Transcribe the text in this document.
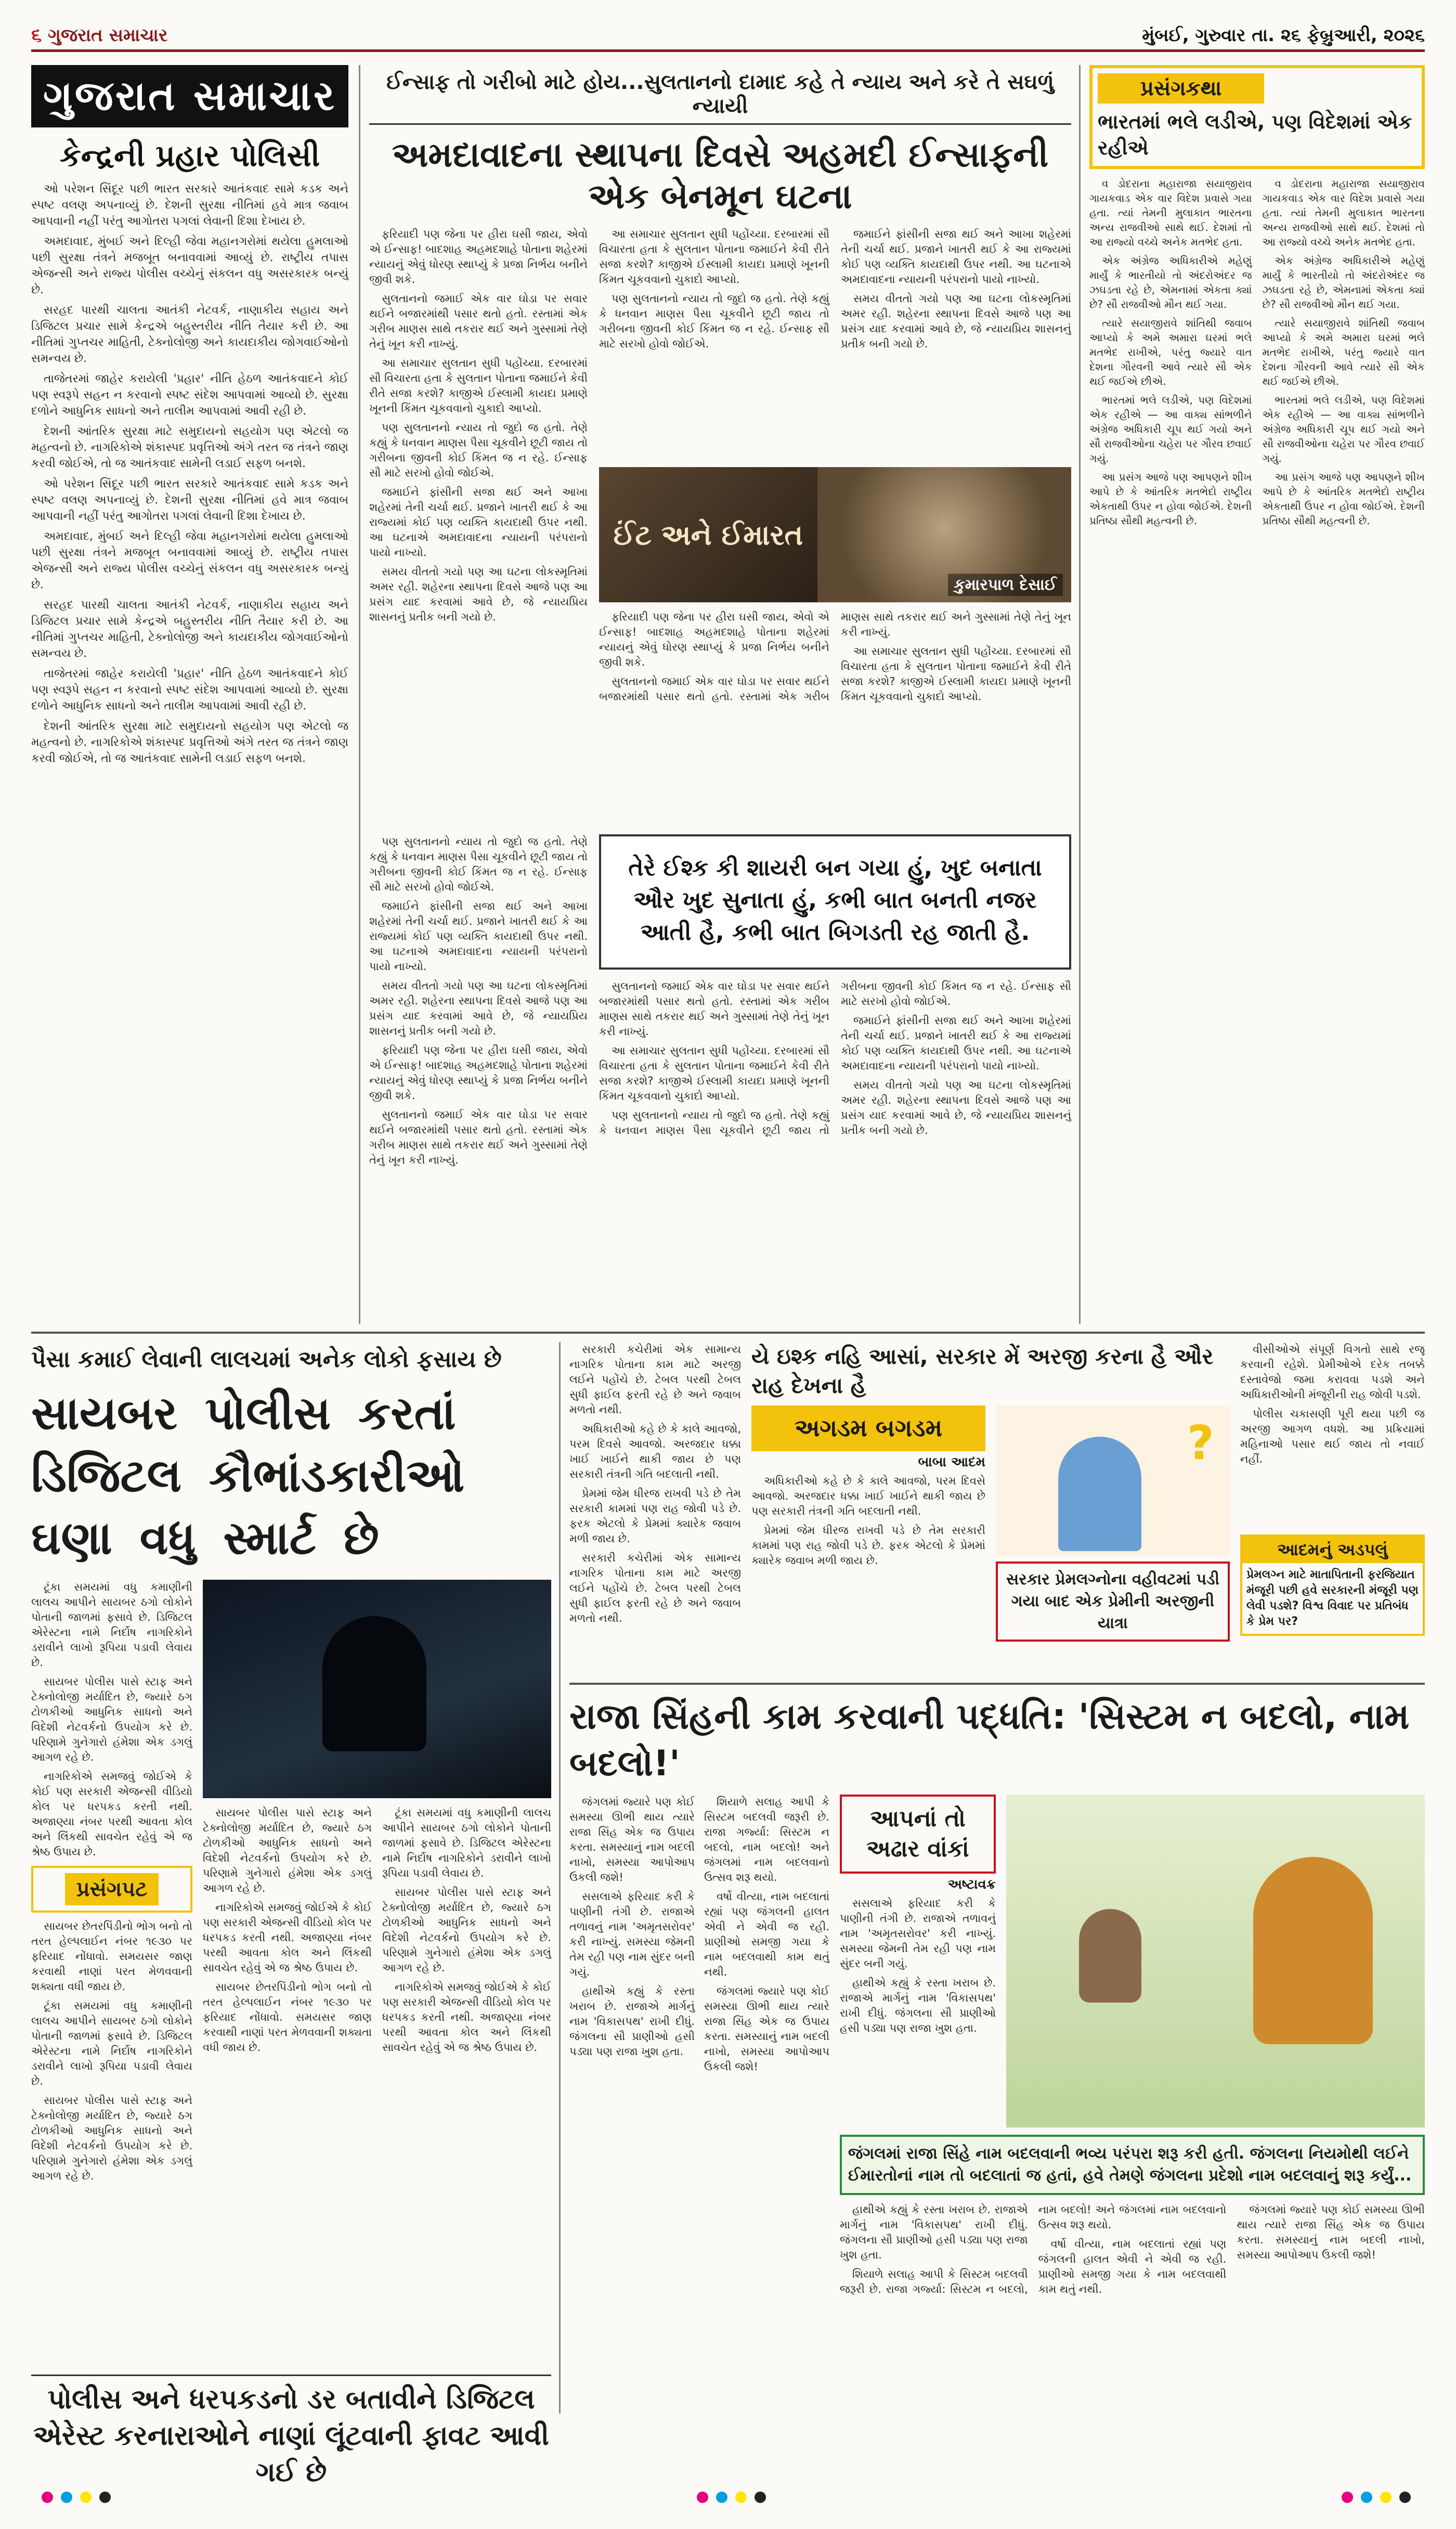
૬ ગુજરાત સમાચાર	મુંબઈ, ગુરુવાર તા. ૨૬ ફેબ્રુઆરી, ૨૦૨૬
ગુજરાત સમાચાર
કેન્દ્રની પ્રહાર પોલિસી

ઓ પરેશન સિંદૂર પછી ભારત સરકારે આતંકવાદ સામે કડક અને સ્પષ્ટ વલણ અપનાવ્યું છે. દેશની સુરક્ષા નીતિમાં હવે માત્ર જવાબ આપવાની નહીં પરંતુ આગોતરા પગલાં લેવાની દિશા દેખાય છે.

અમદાવાદ, મુંબઈ અને દિલ્હી જેવા મહાનગરોમાં થયેલા હુમલાઓ પછી સુરક્ષા તંત્રને મજબૂત બનાવવામાં આવ્યું છે. રાષ્ટ્રીય તપાસ એજન્સી અને રાજ્ય પોલીસ વચ્ચેનું સંકલન વધુ અસરકારક બન્યું છે.

સરહદ પારથી ચાલતા આતંકી નેટવર્ક, નાણાકીય સહાય અને ડિજિટલ પ્રચાર સામે કેન્દ્રએ બહુસ્તરીય નીતિ તૈયાર કરી છે. આ નીતિમાં ગુપ્તચર માહિતી, ટેક્નોલોજી અને કાયદાકીય જોગવાઈઓનો સમન્વય છે.

તાજેતરમાં જાહેર કરાયેલી 'પ્રહાર' નીતિ હેઠળ આતંકવાદને કોઈ પણ સ્વરૂપે સહન ન કરવાનો સ્પષ્ટ સંદેશ આપવામાં આવ્યો છે. સુરક્ષા દળોને આધુનિક સાધનો અને તાલીમ આપવામાં આવી રહી છે.

દેશની આંતરિક સુરક્ષા માટે સમુદાયનો સહયોગ પણ એટલો જ મહત્વનો છે. નાગરિકોએ શંકાસ્પદ પ્રવૃત્તિઓ અંગે તરત જ તંત્રને જાણ કરવી જોઈએ, તો જ આતંકવાદ સામેની લડાઈ સફળ બનશે.

ઓ પરેશન સિંદૂર પછી ભારત સરકારે આતંકવાદ સામે કડક અને સ્પષ્ટ વલણ અપનાવ્યું છે. દેશની સુરક્ષા નીતિમાં હવે માત્ર જવાબ આપવાની નહીં પરંતુ આગોતરા પગલાં લેવાની દિશા દેખાય છે.

અમદાવાદ, મુંબઈ અને દિલ્હી જેવા મહાનગરોમાં થયેલા હુમલાઓ પછી સુરક્ષા તંત્રને મજબૂત બનાવવામાં આવ્યું છે. રાષ્ટ્રીય તપાસ એજન્સી અને રાજ્ય પોલીસ વચ્ચેનું સંકલન વધુ અસરકારક બન્યું છે.

સરહદ પારથી ચાલતા આતંકી નેટવર્ક, નાણાકીય સહાય અને ડિજિટલ પ્રચાર સામે કેન્દ્રએ બહુસ્તરીય નીતિ તૈયાર કરી છે. આ નીતિમાં ગુપ્તચર માહિતી, ટેક્નોલોજી અને કાયદાકીય જોગવાઈઓનો સમન્વય છે.

તાજેતરમાં જાહેર કરાયેલી 'પ્રહાર' નીતિ હેઠળ આતંકવાદને કોઈ પણ સ્વરૂપે સહન ન કરવાનો સ્પષ્ટ સંદેશ આપવામાં આવ્યો છે. સુરક્ષા દળોને આધુનિક સાધનો અને તાલીમ આપવામાં આવી રહી છે.

દેશની આંતરિક સુરક્ષા માટે સમુદાયનો સહયોગ પણ એટલો જ મહત્વનો છે. નાગરિકોએ શંકાસ્પદ પ્રવૃત્તિઓ અંગે તરત જ તંત્રને જાણ કરવી જોઈએ, તો જ આતંકવાદ સામેની લડાઈ સફળ બનશે.

ઈન્સાફ તો ગરીબો માટે હોય...સુલતાનનો દામાદ કહે તે ન્યાય અને કરે તે સઘળું ન્યાયી
અમદાવાદના સ્થાપના દિવસે અહમદી ઈન્સાફની એક બેનમૂન ઘટના

ફરિયાદી પણ જેના પર હીરા ઘસી જાય, એવો એ ઈન્સાફ! બાદશાહ અહમદશાહે પોતાના શહેરમાં ન્યાયનું એવું ધોરણ સ્થાપ્યું કે પ્રજા નિર્ભય બનીને જીવી શકે.

સુલતાનનો જમાઈ એક વાર ઘોડા પર સવાર થઈને બજારમાંથી પસાર થતો હતો. રસ્તામાં એક ગરીબ માણસ સાથે તકરાર થઈ અને ગુસ્સામાં તેણે તેનું ખૂન કરી નાખ્યું.

આ સમાચાર સુલતાન સુધી પહોંચ્યા. દરબારમાં સૌ વિચારતા હતા કે સુલતાન પોતાના જમાઈને કેવી રીતે સજા કરશે? કાજીએ ઈસ્લામી કાયદા પ્રમાણે ખૂનની કિંમત ચૂકવવાનો ચુકાદો આપ્યો.

પણ સુલતાનનો ન્યાય તો જુદો જ હતો. તેણે કહ્યું કે ધનવાન માણસ પૈસા ચૂકવીને છૂટી જાય તો ગરીબના જીવની કોઈ કિંમત જ ન રહે. ઈન્સાફ સૌ માટે સરખો હોવો જોઈએ.

જમાઈને ફાંસીની સજા થઈ અને આખા શહેરમાં તેની ચર્ચા થઈ. પ્રજાને ખાતરી થઈ કે આ રાજ્યમાં કોઈ પણ વ્યક્તિ કાયદાથી ઉપર નથી. આ ઘટનાએ અમદાવાદના ન્યાયની પરંપરાનો પાયો નાખ્યો.

સમય વીતતો ગયો પણ આ ઘટના લોકસ્મૃતિમાં અમર રહી. શહેરના સ્થાપના દિવસે આજે પણ આ પ્રસંગ યાદ કરવામાં આવે છે, જે ન્યાયપ્રિય શાસનનું પ્રતીક બની ગયો છે.

આ સમાચાર સુલતાન સુધી પહોંચ્યા. દરબારમાં સૌ વિચારતા હતા કે સુલતાન પોતાના જમાઈને કેવી રીતે સજા કરશે? કાજીએ ઈસ્લામી કાયદા પ્રમાણે ખૂનની કિંમત ચૂકવવાનો ચુકાદો આપ્યો.

પણ સુલતાનનો ન્યાય તો જુદો જ હતો. તેણે કહ્યું કે ધનવાન માણસ પૈસા ચૂકવીને છૂટી જાય તો ગરીબના જીવની કોઈ કિંમત જ ન રહે. ઈન્સાફ સૌ માટે સરખો હોવો જોઈએ.

જમાઈને ફાંસીની સજા થઈ અને આખા શહેરમાં તેની ચર્ચા થઈ. પ્રજાને ખાતરી થઈ કે આ રાજ્યમાં કોઈ પણ વ્યક્તિ કાયદાથી ઉપર નથી. આ ઘટનાએ અમદાવાદના ન્યાયની પરંપરાનો પાયો નાખ્યો.

સમય વીતતો ગયો પણ આ ઘટના લોકસ્મૃતિમાં અમર રહી. શહેરના સ્થાપના દિવસે આજે પણ આ પ્રસંગ યાદ કરવામાં આવે છે, જે ન્યાયપ્રિય શાસનનું પ્રતીક બની ગયો છે.

ઈંટ અને ઈમારત
કુમારપાળ દેસાઈ

ફરિયાદી પણ જેના પર હીરા ઘસી જાય, એવો એ ઈન્સાફ! બાદશાહ અહમદશાહે પોતાના શહેરમાં ન્યાયનું એવું ધોરણ સ્થાપ્યું કે પ્રજા નિર્ભય બનીને જીવી શકે.

સુલતાનનો જમાઈ એક વાર ઘોડા પર સવાર થઈને બજારમાંથી પસાર થતો હતો. રસ્તામાં એક ગરીબ માણસ સાથે તકરાર થઈ અને ગુસ્સામાં તેણે તેનું ખૂન કરી નાખ્યું.

આ સમાચાર સુલતાન સુધી પહોંચ્યા. દરબારમાં સૌ વિચારતા હતા કે સુલતાન પોતાના જમાઈને કેવી રીતે સજા કરશે? કાજીએ ઈસ્લામી કાયદા પ્રમાણે ખૂનની કિંમત ચૂકવવાનો ચુકાદો આપ્યો.

પણ સુલતાનનો ન્યાય તો જુદો જ હતો. તેણે કહ્યું કે ધનવાન માણસ પૈસા ચૂકવીને છૂટી જાય તો ગરીબના જીવની કોઈ કિંમત જ ન રહે. ઈન્સાફ સૌ માટે સરખો હોવો જોઈએ.

જમાઈને ફાંસીની સજા થઈ અને આખા શહેરમાં તેની ચર્ચા થઈ. પ્રજાને ખાતરી થઈ કે આ રાજ્યમાં કોઈ પણ વ્યક્તિ કાયદાથી ઉપર નથી. આ ઘટનાએ અમદાવાદના ન્યાયની પરંપરાનો પાયો નાખ્યો.

સમય વીતતો ગયો પણ આ ઘટના લોકસ્મૃતિમાં અમર રહી. શહેરના સ્થાપના દિવસે આજે પણ આ પ્રસંગ યાદ કરવામાં આવે છે, જે ન્યાયપ્રિય શાસનનું પ્રતીક બની ગયો છે.

ફરિયાદી પણ જેના પર હીરા ઘસી જાય, એવો એ ઈન્સાફ! બાદશાહ અહમદશાહે પોતાના શહેરમાં ન્યાયનું એવું ધોરણ સ્થાપ્યું કે પ્રજા નિર્ભય બનીને જીવી શકે.

સુલતાનનો જમાઈ એક વાર ઘોડા પર સવાર થઈને બજારમાંથી પસાર થતો હતો. રસ્તામાં એક ગરીબ માણસ સાથે તકરાર થઈ અને ગુસ્સામાં તેણે તેનું ખૂન કરી નાખ્યું.

તેરે ઈશ્ક કી શાયરી બન ગયા હું, ખુદ બનાતા ઔર ખુદ સુનાતા હું, કભી બાત બનતી નજર આતી હૈ, કભી બાત બિગડતી રહ જાતી હૈ.

સુલતાનનો જમાઈ એક વાર ઘોડા પર સવાર થઈને બજારમાંથી પસાર થતો હતો. રસ્તામાં એક ગરીબ માણસ સાથે તકરાર થઈ અને ગુસ્સામાં તેણે તેનું ખૂન કરી નાખ્યું.

આ સમાચાર સુલતાન સુધી પહોંચ્યા. દરબારમાં સૌ વિચારતા હતા કે સુલતાન પોતાના જમાઈને કેવી રીતે સજા કરશે? કાજીએ ઈસ્લામી કાયદા પ્રમાણે ખૂનની કિંમત ચૂકવવાનો ચુકાદો આપ્યો.

પણ સુલતાનનો ન્યાય તો જુદો જ હતો. તેણે કહ્યું કે ધનવાન માણસ પૈસા ચૂકવીને છૂટી જાય તો ગરીબના જીવની કોઈ કિંમત જ ન રહે. ઈન્સાફ સૌ માટે સરખો હોવો જોઈએ.

જમાઈને ફાંસીની સજા થઈ અને આખા શહેરમાં તેની ચર્ચા થઈ. પ્રજાને ખાતરી થઈ કે આ રાજ્યમાં કોઈ પણ વ્યક્તિ કાયદાથી ઉપર નથી. આ ઘટનાએ અમદાવાદના ન્યાયની પરંપરાનો પાયો નાખ્યો.

સમય વીતતો ગયો પણ આ ઘટના લોકસ્મૃતિમાં અમર રહી. શહેરના સ્થાપના દિવસે આજે પણ આ પ્રસંગ યાદ કરવામાં આવે છે, જે ન્યાયપ્રિય શાસનનું પ્રતીક બની ગયો છે.

પ્રસંગકથા
ભારતમાં ભલે લડીએ, પણ વિદેશમાં એક રહીએ

વ ડોદરાના મહારાજા સયાજીરાવ ગાયકવાડ એક વાર વિદેશ પ્રવાસે ગયા હતા. ત્યાં તેમની મુલાકાત ભારતના અન્ય રાજવીઓ સાથે થઈ. દેશમાં તો આ રાજ્યો વચ્ચે અનેક મતભેદ હતા.

એક અંગ્રેજ અધિકારીએ મહેણું માર્યું કે ભારતીયો તો અંદરોઅંદર જ ઝઘડતા રહે છે, એમનામાં એકતા ક્યાં છે? સૌ રાજવીઓ મૌન થઈ ગયા.

ત્યારે સયાજીરાવે શાંતિથી જવાબ આપ્યો કે અમે અમારા ઘરમાં ભલે મતભેદ રાખીએ, પરંતુ જ્યારે વાત દેશના ગૌરવની આવે ત્યારે સૌ એક થઈ જઈએ છીએ.

ભારતમાં ભલે લડીએ, પણ વિદેશમાં એક રહીએ — આ વાક્ય સાંભળીને અંગ્રેજ અધિકારી ચૂપ થઈ ગયો અને સૌ રાજવીઓના ચહેરા પર ગૌરવ છવાઈ ગયું.

આ પ્રસંગ આજે પણ આપણને શીખ આપે છે કે આંતરિક મતભેદો રાષ્ટ્રીય એકતાથી ઉપર ન હોવા જોઈએ. દેશની પ્રતિષ્ઠા સૌથી મહત્વની છે.

વ ડોદરાના મહારાજા સયાજીરાવ ગાયકવાડ એક વાર વિદેશ પ્રવાસે ગયા હતા. ત્યાં તેમની મુલાકાત ભારતના અન્ય રાજવીઓ સાથે થઈ. દેશમાં તો આ રાજ્યો વચ્ચે અનેક મતભેદ હતા.

એક અંગ્રેજ અધિકારીએ મહેણું માર્યું કે ભારતીયો તો અંદરોઅંદર જ ઝઘડતા રહે છે, એમનામાં એકતા ક્યાં છે? સૌ રાજવીઓ મૌન થઈ ગયા.

ત્યારે સયાજીરાવે શાંતિથી જવાબ આપ્યો કે અમે અમારા ઘરમાં ભલે મતભેદ રાખીએ, પરંતુ જ્યારે વાત દેશના ગૌરવની આવે ત્યારે સૌ એક થઈ જઈએ છીએ.

ભારતમાં ભલે લડીએ, પણ વિદેશમાં એક રહીએ — આ વાક્ય સાંભળીને અંગ્રેજ અધિકારી ચૂપ થઈ ગયો અને સૌ રાજવીઓના ચહેરા પર ગૌરવ છવાઈ ગયું.

આ પ્રસંગ આજે પણ આપણને શીખ આપે છે કે આંતરિક મતભેદો રાષ્ટ્રીય એકતાથી ઉપર ન હોવા જોઈએ. દેશની પ્રતિષ્ઠા સૌથી મહત્વની છે.

પૈસા કમાઈ લેવાની લાલચમાં અનેક લોકો ફસાય છે
સાયબર પોલીસ કરતાં ડિજિટલ કૌભાંડકારીઓ ઘણા વધુ સ્માર્ટ છે

ટૂંકા સમયમાં વધુ કમાણીની લાલચ આપીને સાયબર ઠગો લોકોને પોતાની જાળમાં ફસાવે છે. ડિજિટલ એરેસ્ટના નામે નિર્દોષ નાગરિકોને ડરાવીને લાખો રૂપિયા પડાવી લેવાય છે.

સાયબર પોલીસ પાસે સ્ટાફ અને ટેક્નોલોજી મર્યાદિત છે, જ્યારે ઠગ ટોળકીઓ આધુનિક સાધનો અને વિદેશી નેટવર્કનો ઉપયોગ કરે છે. પરિણામે ગુનેગારો હંમેશા એક ડગલું આગળ રહે છે.

નાગરિકોએ સમજવું જોઈએ કે કોઈ પણ સરકારી એજન્સી વીડિયો કોલ પર ધરપકડ કરતી નથી. અજાણ્યા નંબર પરથી આવતા કોલ અને લિંકથી સાવચેત રહેવું એ જ શ્રેષ્ઠ ઉપાય છે.

પ્રસંગપટ

સાયબર છેતરપિંડીનો ભોગ બનો તો તરત હેલ્પલાઈન નંબર ૧૯૩૦ પર ફરિયાદ નોંધાવો. સમયસર જાણ કરવાથી નાણાં પરત મેળવવાની શક્યતા વધી જાય છે.

ટૂંકા સમયમાં વધુ કમાણીની લાલચ આપીને સાયબર ઠગો લોકોને પોતાની જાળમાં ફસાવે છે. ડિજિટલ એરેસ્ટના નામે નિર્દોષ નાગરિકોને ડરાવીને લાખો રૂપિયા પડાવી લેવાય છે.

સાયબર પોલીસ પાસે સ્ટાફ અને ટેક્નોલોજી મર્યાદિત છે, જ્યારે ઠગ ટોળકીઓ આધુનિક સાધનો અને વિદેશી નેટવર્કનો ઉપયોગ કરે છે. પરિણામે ગુનેગારો હંમેશા એક ડગલું આગળ રહે છે.

સાયબર પોલીસ પાસે સ્ટાફ અને ટેક્નોલોજી મર્યાદિત છે, જ્યારે ઠગ ટોળકીઓ આધુનિક સાધનો અને વિદેશી નેટવર્કનો ઉપયોગ કરે છે. પરિણામે ગુનેગારો હંમેશા એક ડગલું આગળ રહે છે.

નાગરિકોએ સમજવું જોઈએ કે કોઈ પણ સરકારી એજન્સી વીડિયો કોલ પર ધરપકડ કરતી નથી. અજાણ્યા નંબર પરથી આવતા કોલ અને લિંકથી સાવચેત રહેવું એ જ શ્રેષ્ઠ ઉપાય છે.

સાયબર છેતરપિંડીનો ભોગ બનો તો તરત હેલ્પલાઈન નંબર ૧૯૩૦ પર ફરિયાદ નોંધાવો. સમયસર જાણ કરવાથી નાણાં પરત મેળવવાની શક્યતા વધી જાય છે.

ટૂંકા સમયમાં વધુ કમાણીની લાલચ આપીને સાયબર ઠગો લોકોને પોતાની જાળમાં ફસાવે છે. ડિજિટલ એરેસ્ટના નામે નિર્દોષ નાગરિકોને ડરાવીને લાખો રૂપિયા પડાવી લેવાય છે.

સાયબર પોલીસ પાસે સ્ટાફ અને ટેક્નોલોજી મર્યાદિત છે, જ્યારે ઠગ ટોળકીઓ આધુનિક સાધનો અને વિદેશી નેટવર્કનો ઉપયોગ કરે છે. પરિણામે ગુનેગારો હંમેશા એક ડગલું આગળ રહે છે.

નાગરિકોએ સમજવું જોઈએ કે કોઈ પણ સરકારી એજન્સી વીડિયો કોલ પર ધરપકડ કરતી નથી. અજાણ્યા નંબર પરથી આવતા કોલ અને લિંકથી સાવચેત રહેવું એ જ શ્રેષ્ઠ ઉપાય છે.

પોલીસ અને ધરપકડનો ડર બતાવીને ડિજિટલ એરેસ્ટ કરનારાઓને નાણાં લૂંટવાની ફાવટ આવી ગઈ છે

સરકારી કચેરીમાં એક સામાન્ય નાગરિક પોતાના કામ માટે અરજી લઈને પહોંચે છે. ટેબલ પરથી ટેબલ સુધી ફાઈલ ફરતી રહે છે અને જવાબ મળતો નથી.

અધિકારીઓ કહે છે કે કાલે આવજો, પરમ દિવસે આવજો. અરજદાર ધક્કા ખાઈ ખાઈને થાકી જાય છે પણ સરકારી તંત્રની ગતિ બદલાતી નથી.

પ્રેમમાં જેમ ધીરજ રાખવી પડે છે તેમ સરકારી કામમાં પણ રાહ જોવી પડે છે. ફરક એટલો કે પ્રેમમાં ક્યારેક જવાબ મળી જાય છે.

સરકારી કચેરીમાં એક સામાન્ય નાગરિક પોતાના કામ માટે અરજી લઈને પહોંચે છે. ટેબલ પરથી ટેબલ સુધી ફાઈલ ફરતી રહે છે અને જવાબ મળતો નથી.

યે ઇશ્ક નહિ આસાં, સરકાર મેં અરજી કરના હૈ ઔર રાહ દેખના હૈ
અગડમ બગડમ
બાબા આદમ

અધિકારીઓ કહે છે કે કાલે આવજો, પરમ દિવસે આવજો. અરજદાર ધક્કા ખાઈ ખાઈને થાકી જાય છે પણ સરકારી તંત્રની ગતિ બદલાતી નથી.

પ્રેમમાં જેમ ધીરજ રાખવી પડે છે તેમ સરકારી કામમાં પણ રાહ જોવી પડે છે. ફરક એટલો કે પ્રેમમાં ક્યારેક જવાબ મળી જાય છે.

?
સરકાર પ્રેમલગ્નોના વહીવટમાં પડી ગયા બાદ એક પ્રેમીની અરજીની યાત્રા

વીસીઓએ સંપૂર્ણ વિગતો સાથે રજૂ કરવાની રહેશે. પ્રેમીઓએ દરેક તબક્કે દસ્તાવેજો જમા કરાવવા પડશે અને અધિકારીઓની મંજૂરીની રાહ જોવી પડશે.

પોલીસ ચકાસણી પૂરી થયા પછી જ અરજી આગળ વધશે. આ પ્રક્રિયામાં મહિનાઓ પસાર થઈ જાય તો નવાઈ નહીં.

આદમનું અડપલું
પ્રેમલગ્ન માટે માતાપિતાની ફરજિયાત મંજૂરી પછી હવે સરકારની મંજૂરી પણ લેવી પડશે? વિશ્વ વિવાદ પર પ્રતિબંધ કે પ્રેમ પર?
રાજા સિંહની કામ કરવાની પદ્ધતિ: 'સિસ્ટમ ન બદલો, નામ બદલો!'

જંગલમાં જ્યારે પણ કોઈ સમસ્યા ઊભી થાય ત્યારે રાજા સિંહ એક જ ઉપાય કરતા. સમસ્યાનું નામ બદલી નાખો, સમસ્યા આપોઆપ ઉકલી જશે!

સસલાએ ફરિયાદ કરી કે પાણીની તંગી છે. રાજાએ તળાવનું નામ 'અમૃતસરોવર' કરી નાખ્યું. સમસ્યા જેમની તેમ રહી પણ નામ સુંદર બની ગયું.

હાથીએ કહ્યું કે રસ્તા ખરાબ છે. રાજાએ માર્ગનું નામ 'વિકાસપથ' રાખી દીધું. જંગલના સૌ પ્રાણીઓ હસી પડ્યા પણ રાજા ખુશ હતા.

શિયાળે સલાહ આપી કે સિસ્ટમ બદલવી જરૂરી છે. રાજા ગર્જ્યા: સિસ્ટમ ન બદલો, નામ બદલો! અને જંગલમાં નામ બદલવાનો ઉત્સવ શરૂ થયો.

વર્ષો વીત્યા, નામ બદલાતાં રહ્યાં પણ જંગલની હાલત એવી ને એવી જ રહી. પ્રાણીઓ સમજી ગયા કે નામ બદલવાથી કામ થતું નથી.

જંગલમાં જ્યારે પણ કોઈ સમસ્યા ઊભી થાય ત્યારે રાજા સિંહ એક જ ઉપાય કરતા. સમસ્યાનું નામ બદલી નાખો, સમસ્યા આપોઆપ ઉકલી જશે!

આપનાં તો અઢાર વાંકાં
અષ્ટાવક્ર

સસલાએ ફરિયાદ કરી કે પાણીની તંગી છે. રાજાએ તળાવનું નામ 'અમૃતસરોવર' કરી નાખ્યું. સમસ્યા જેમની તેમ રહી પણ નામ સુંદર બની ગયું.

હાથીએ કહ્યું કે રસ્તા ખરાબ છે. રાજાએ માર્ગનું નામ 'વિકાસપથ' રાખી દીધું. જંગલના સૌ પ્રાણીઓ હસી પડ્યા પણ રાજા ખુશ હતા.

જંગલમાં રાજા સિંહે નામ બદલવાની ભવ્ય પરંપરા શરૂ કરી હતી. જંગલના નિયમોથી લઈને ઈમારતોનાં નામ તો બદલાતાં જ હતાં, હવે તેમણે જંગલના પ્રદેશો નામ બદલવાનું શરૂ કર્યું...

હાથીએ કહ્યું કે રસ્તા ખરાબ છે. રાજાએ માર્ગનું નામ 'વિકાસપથ' રાખી દીધું. જંગલના સૌ પ્રાણીઓ હસી પડ્યા પણ રાજા ખુશ હતા.

શિયાળે સલાહ આપી કે સિસ્ટમ બદલવી જરૂરી છે. રાજા ગર્જ્યા: સિસ્ટમ ન બદલો, નામ બદલો! અને જંગલમાં નામ બદલવાનો ઉત્સવ શરૂ થયો.

વર્ષો વીત્યા, નામ બદલાતાં રહ્યાં પણ જંગલની હાલત એવી ને એવી જ રહી. પ્રાણીઓ સમજી ગયા કે નામ બદલવાથી કામ થતું નથી.

જંગલમાં જ્યારે પણ કોઈ સમસ્યા ઊભી થાય ત્યારે રાજા સિંહ એક જ ઉપાય કરતા. સમસ્યાનું નામ બદલી નાખો, સમસ્યા આપોઆપ ઉકલી જશે!
